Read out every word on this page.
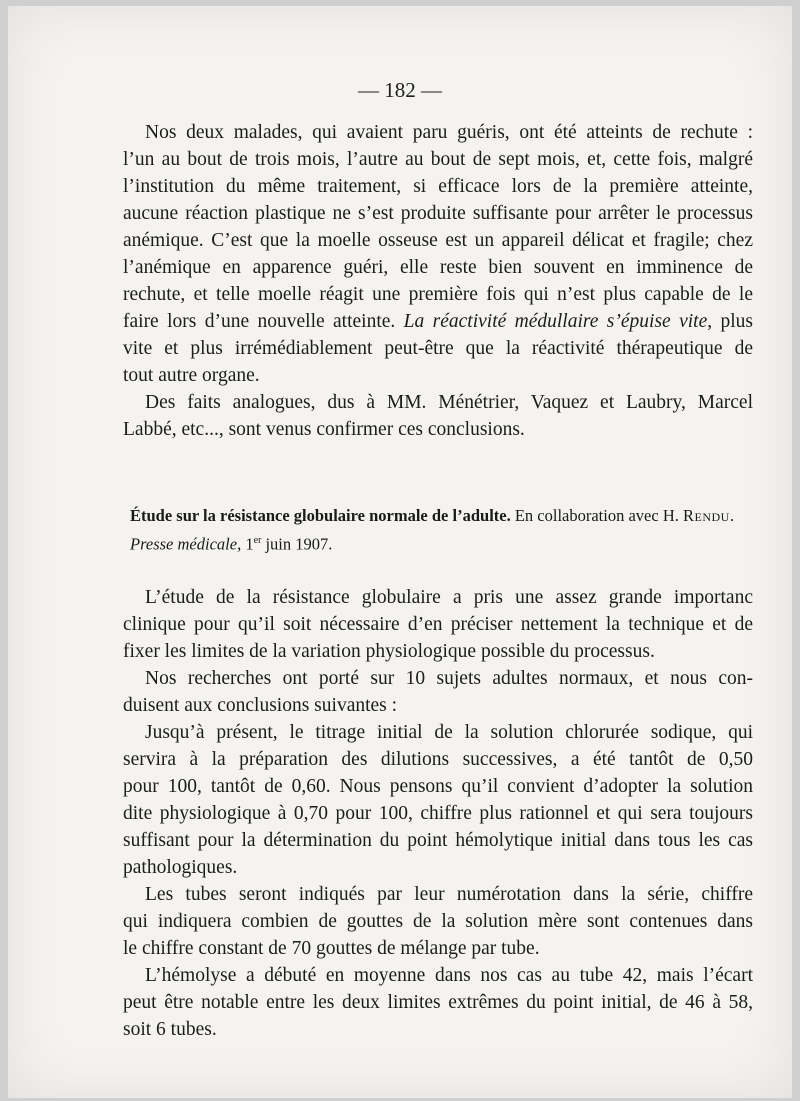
— 182 —
Nos deux malades, qui avaient paru guéris, ont été atteints de rechute :
l’un au bout de trois mois, l’autre au bout de sept mois, et, cette fois, malgré
l’institution du même traitement, si efficace lors de la première atteinte,
aucune réaction plastique ne s’est produite suffisante pour arrêter le processus
anémique. C’est que la moelle osseuse est un appareil délicat et fragile; chez
l’anémique en apparence guéri, elle reste bien souvent en imminence de
rechute, et telle moelle réagit une première fois qui n’est plus capable de le
faire lors d’une nouvelle atteinte. La réactivité médullaire s’épuise vite, plus
vite et plus irrémédiablement peut-être que la réactivité thérapeutique de
tout autre organe.
Des faits analogues, dus à MM. Ménétrier, Vaquez et Laubry, Marcel
Labbé, etc..., sont venus confirmer ces conclusions.
Étude sur la résistance globulaire normale de l’adulte. En collaboration avec H. Rendu.
Presse médicale, 1er juin 1907.
L’étude de la résistance globulaire a pris une assez grande importanc
clinique pour qu’il soit nécessaire d’en préciser nettement la technique et de
fixer les limites de la variation physiologique possible du processus.
Nos recherches ont porté sur 10 sujets adultes normaux, et nous con-
duisent aux conclusions suivantes :
Jusqu’à présent, le titrage initial de la solution chlorurée sodique, qui
servira à la préparation des dilutions successives, a été tantôt de 0,50
pour 100, tantôt de 0,60. Nous pensons qu’il convient d’adopter la solution
dite physiologique à 0,70 pour 100, chiffre plus rationnel et qui sera toujours
suffisant pour la détermination du point hémolytique initial dans tous les cas
pathologiques.
Les tubes seront indiqués par leur numérotation dans la série, chiffre
qui indiquera combien de gouttes de la solution mère sont contenues dans
le chiffre constant de 70 gouttes de mélange par tube.
L’hémolyse a débuté en moyenne dans nos cas au tube 42, mais l’écart
peut être notable entre les deux limites extrêmes du point initial, de 46 à 58,
soit 6 tubes.
